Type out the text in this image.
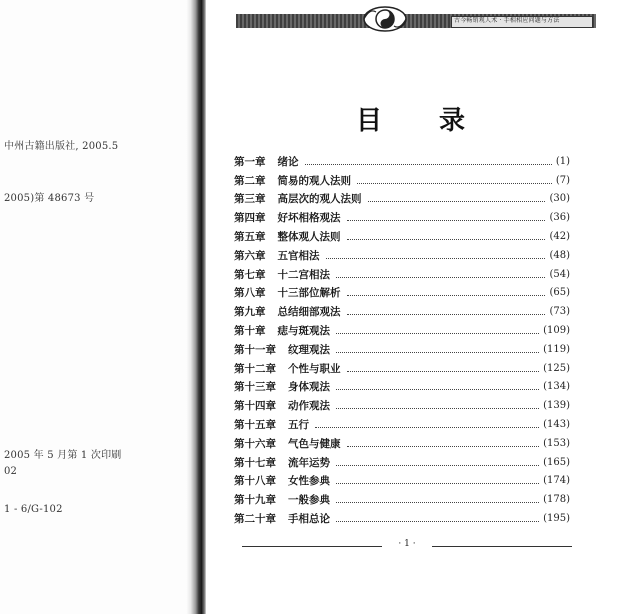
中州古籍出版社, 2005.5
2005)第 48673 号
2005 年 5 月第 1 次印刷
02
1 - 6/G-102
古今畅销观人术 · 手相相应问题与方法
目 录
第一章 绪论	(1)
第二章 简易的观人法则	(7)
第三章 高层次的观人法则	(30)
第四章 好坏相格观法	(36)
第五章 整体观人法则	(42)
第六章 五官相法	(48)
第七章 十二宫相法	(54)
第八章 十三部位解析	(65)
第九章 总结细部观法	(73)
第十章 痣与斑观法	(109)
第十一章 纹理观法	(119)
第十二章 个性与职业	(125)
第十三章 身体观法	(134)
第十四章 动作观法	(139)
第十五章 五行	(143)
第十六章 气色与健康	(153)
第十七章 流年运势	(165)
第十八章 女性参典	(174)
第十九章 一般参典	(178)
第二十章 手相总论	(195)
· 1 ·
